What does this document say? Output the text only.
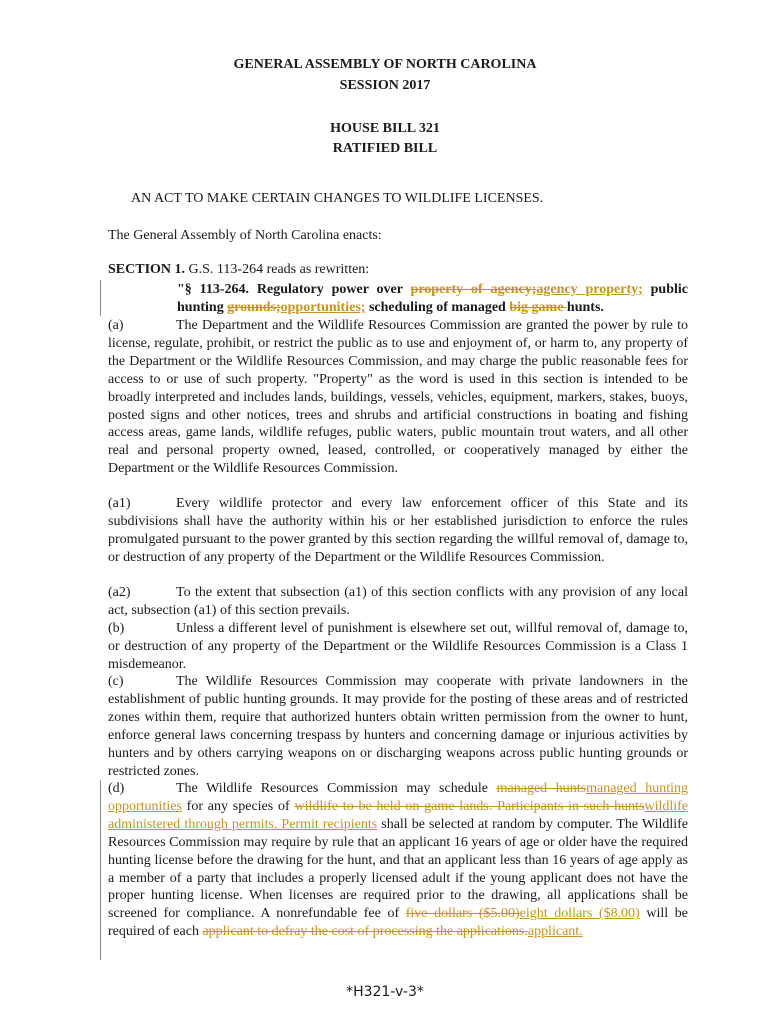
GENERAL ASSEMBLY OF NORTH CAROLINA
SESSION 2017
HOUSE BILL 321
RATIFIED BILL
AN ACT TO MAKE CERTAIN CHANGES TO WILDLIFE LICENSES.
The General Assembly of North Carolina enacts:
SECTION 1. G.S. 113-264 reads as rewritten:
"§ 113-264. Regulatory power over property of agency;agency property; public hunting grounds;opportunities; scheduling of managed big game hunts.
(a)	The Department and the Wildlife Resources Commission are granted the power by rule to license, regulate, prohibit, or restrict the public as to use and enjoyment of, or harm to, any property of the Department or the Wildlife Resources Commission, and may charge the public reasonable fees for access to or use of such property. "Property" as the word is used in this section is intended to be broadly interpreted and includes lands, buildings, vessels, vehicles, equipment, markers, stakes, buoys, posted signs and other notices, trees and shrubs and artificial constructions in boating and fishing access areas, game lands, wildlife refuges, public waters, public mountain trout waters, and all other real and personal property owned, leased, controlled, or cooperatively managed by either the Department or the Wildlife Resources Commission.
(a1)	Every wildlife protector and every law enforcement officer of this State and its subdivisions shall have the authority within his or her established jurisdiction to enforce the rules promulgated pursuant to the power granted by this section regarding the willful removal of, damage to, or destruction of any property of the Department or the Wildlife Resources Commission.
(a2)	To the extent that subsection (a1) of this section conflicts with any provision of any local act, subsection (a1) of this section prevails.
(b)	Unless a different level of punishment is elsewhere set out, willful removal of, damage to, or destruction of any property of the Department or the Wildlife Resources Commission is a Class 1 misdemeanor.
(c)	The Wildlife Resources Commission may cooperate with private landowners in the establishment of public hunting grounds. It may provide for the posting of these areas and of restricted zones within them, require that authorized hunters obtain written permission from the owner to hunt, enforce general laws concerning trespass by hunters and concerning damage or injurious activities by hunters and by others carrying weapons on or discharging weapons across public hunting grounds or restricted zones.
(d)	The Wildlife Resources Commission may schedule managed huntsmanaged hunting opportunities for any species of wildlife to be held on game lands. Participants in such huntswildlife administered through permits. Permit recipients shall be selected at random by computer. The Wildlife Resources Commission may require by rule that an applicant 16 years of age or older have the required hunting license before the drawing for the hunt, and that an applicant less than 16 years of age apply as a member of a party that includes a properly licensed adult if the young applicant does not have the proper hunting license. When licenses are required prior to the drawing, all applications shall be screened for compliance. A nonrefundable fee of five dollars ($5.00)eight dollars ($8.00) will be required of each applicant to defray the cost of processing the applications.applicant.
*H321-v-3*
